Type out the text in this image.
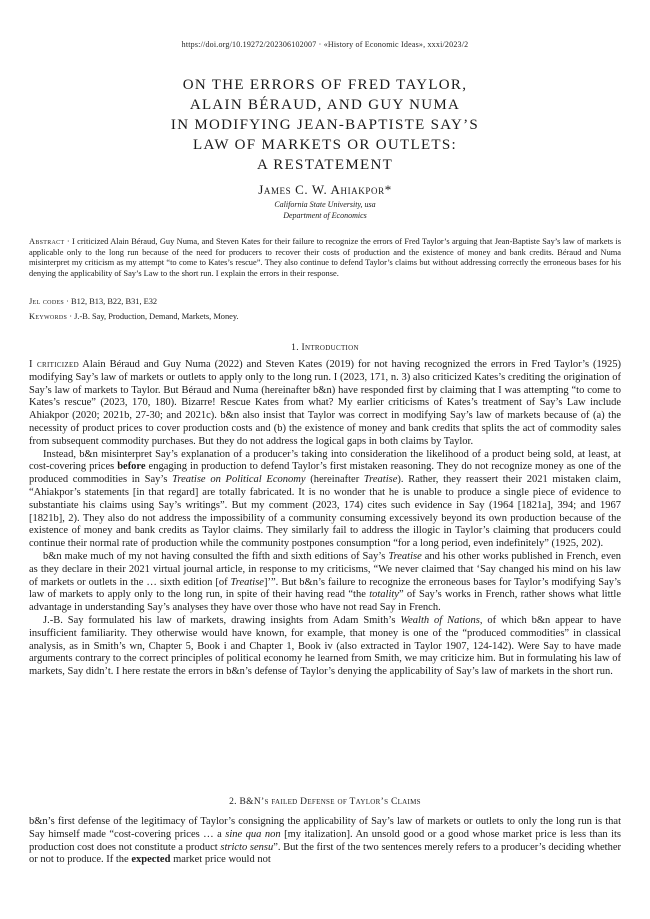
https://doi.org/10.19272/202306102007 · «History of Economic Ideas», xxxi/2023/2
ON THE ERRORS OF FRED TAYLOR,
ALAIN BÉRAUD, AND GUY NUMA
IN MODIFYING JEAN-BAPTISTE SAY’S
LAW OF MARKETS OR OUTLETS:
A RESTATEMENT
James C. W. Ahiakpor*
California State University, usa
Department of Economics
Abstract · I criticized Alain Béraud, Guy Numa, and Steven Kates for their failure to recognize the errors of Fred Taylor’s arguing that Jean-Baptiste Say’s law of markets is applicable only to the long run because of the need for producers to recover their costs of production and the existence of money and bank credits. Béraud and Numa misinterpret my criticism as my attempt “to come to Kates’s rescue”. They also continue to defend Taylor’s claims but without addressing correctly the erroneous bases for his denying the applicability of Say’s Law to the short run. I explain the errors in their response.
Jel codes · B12, B13, B22, B31, E32
Keywords · J.-B. Say, Production, Demand, Markets, Money.
1. Introduction

I criticized Alain Béraud and Guy Numa (2022) and Steven Kates (2019) for not having recognized the errors in Fred Taylor’s (1925) modifying Say’s law of markets or outlets to apply only to the long run. I (2023, 171, n. 3) also criticized Kates’s crediting the origination of Say’s law of markets to Taylor. But Béraud and Numa (hereinafter b&n) have responded first by claiming that I was attempting “to come to Kates’s rescue” (2023, 170, 180). Bizarre! Rescue Kates from what? My earlier criticisms of Kates’s treatment of Say’s Law include Ahiakpor (2020; 2021b, 27-30; and 2021c). b&n also insist that Taylor was correct in modifying Say’s law of markets because of (a) the necessity of product prices to cover production costs and (b) the existence of money and bank credits that splits the act of commodity sales from subsequent commodity purchases. But they do not address the logical gaps in both claims by Taylor.

Instead, b&n misinterpret Say’s explanation of a producer’s taking into consideration the likelihood of a product being sold, at least, at cost-covering prices before engaging in production to defend Taylor’s first mistaken reasoning. They do not recognize money as one of the produced commodities in Say’s Treatise on Political Economy (hereinafter Treatise). Rather, they reassert their 2021 mistaken claim, “Ahiakpor’s statements [in that regard] are totally fabricated. It is no wonder that he is unable to produce a single piece of evidence to substantiate his claims using Say’s writings”. But my comment (2023, 174) cites such evidence in Say (1964 [1821a], 394; and 1967 [1821b], 2). They also do not address the impossibility of a community consuming excessively beyond its own production because of the existence of money and bank credits as Taylor claims. They similarly fail to address the illogic in Taylor’s claiming that producers could continue their normal rate of production while the community postpones consumption “for a long period, even indefinitely” (1925, 202).

b&n make much of my not having consulted the fifth and sixth editions of Say’s Treatise and his other works published in French, even as they declare in their 2021 virtual journal article, in response to my criticisms, “We never claimed that ‘Say changed his mind on his law of markets or outlets in the … sixth edition [of Treatise]’”. But b&n’s failure to recognize the erroneous bases for Taylor’s modifying Say’s law of markets to apply only to the long run, in spite of their having read “the totality” of Say’s works in French, rather shows what little advantage in understanding Say’s analyses they have over those who have not read Say in French.

J.-B. Say formulated his law of markets, drawing insights from Adam Smith’s Wealth of Nations, of which b&n appear to have insufficient familiarity. They otherwise would have known, for example, that money is one of the “produced commodities” in classical analysis, as in Smith’s wn, Chapter 5, Book i and Chapter 1, Book iv (also extracted in Taylor 1907, 124-142). Were Say to have made arguments contrary to the correct principles of political economy he learned from Smith, we may criticize him. But in formulating his law of markets, Say didn’t. I here restate the errors in b&n’s defense of Taylor’s denying the applicability of Say’s law of markets in the short run.

2. B&N’s failed Defense of Taylor’s Claims

b&n’s first defense of the legitimacy of Taylor’s consigning the applicability of Say’s law of markets or outlets to only the long run is that Say himself made “cost-covering prices … a sine qua non [my italization]. An unsold good or a good whose market price is less than its production cost does not constitute a product stricto sensu”. But the first of the two sentences merely refers to a producer’s deciding whether or not to produce. If the expected market price would not
